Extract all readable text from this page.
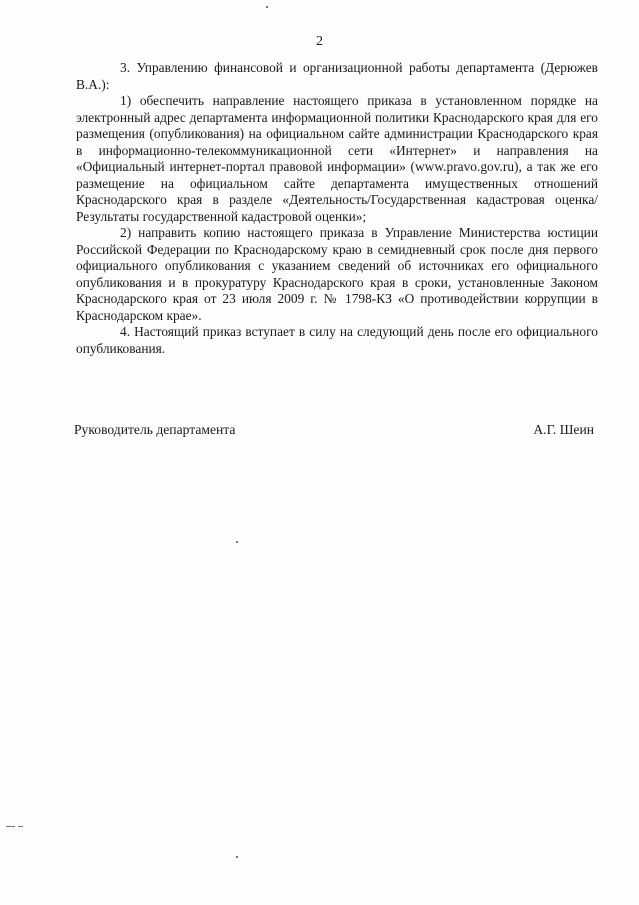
2

3. Управлению финансовой и организационной работы департамента (Дерюжев В.А.):

1) обеспечить направление настоящего приказа в установленном порядке на электронный адрес департамента информационной политики Краснодарского края для его размещения (опубликования) на официальном сайте администрации Краснодарского края в информационно-телекоммуникационной сети «Интернет» и направления на «Официальный интернет-портал правовой информации» (www.pravo.gov.ru), а так же его размещение на официальном сайте департамента имущественных отношений Краснодарского края в разделе «Деятельность/Государственная кадастровая оценка/Результаты государственной кадастровой оценки»;

2) направить копию настоящего приказа в Управление Министерства юстиции Российской Федерации по Краснодарскому краю в семидневный срок после дня первого официального опубликования с указанием сведений об источниках его официального опубликования и в прокуратуру Краснодарского края в сроки, установленные Законом Краснодарского края от 23 июля 2009 г. № 1798-КЗ «О противодействии коррупции в Краснодарском крае».

4. Настоящий приказ вступает в силу на следующий день после его официального опубликования.

Руководитель департамента	А.Г. Шеин
